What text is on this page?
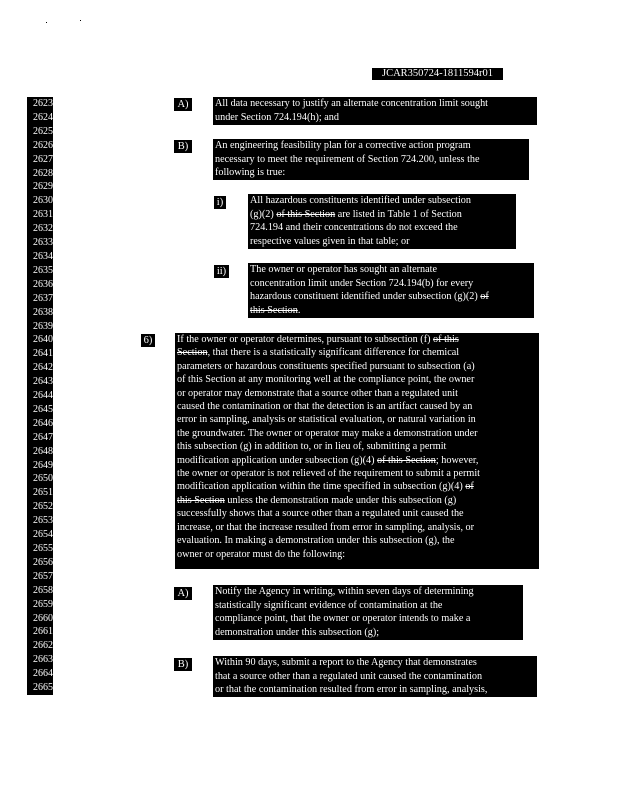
JCAR350724-1811594r01
2623
2624
2625
2626
2627
2628
2629
2630
2631
2632
2633
2634
2635
2636
2637
2638
2639
2640
2641
2642
2643
2644
2645
2646
2647
2648
2649
2650
2651
2652
2653
2654
2655
2656
2657
2658
2659
2660
2661
2662
2663
2664
2665
A)	All data necessary to justify an alternate concentration limit sought
under Section 724.194(h); and
B)	An engineering feasibility plan for a corrective action program
necessary to meet the requirement of Section 724.200, unless the
following is true:
i)	All hazardous constituents identified under subsection
(g)(2) of this Section are listed in Table 1 of Section
724.194 and their concentrations do not exceed the
respective values given in that table; or
ii) The owner or operator has sought an alternate
concentration limit under Section 724.194(b) for every
hazardous constituent identified under subsection (g)(2) of
this Section.
6) If the owner or operator determines, pursuant to subsection (f) of this
Section, that there is a statistically significant difference for chemical
parameters or hazardous constituents specified pursuant to subsection (a)
of this Section at any monitoring well at the compliance point, the owner
or operator may demonstrate that a source other than a regulated unit
caused the contamination or that the detection is an artifact caused by an
error in sampling, analysis or statistical evaluation, or natural variation in
the groundwater. The owner or operator may make a demonstration under
this subsection (g) in addition to, or in lieu of, submitting a permit
modification application under subsection (g)(4) of this Section; however,
the owner or operator is not relieved of the requirement to submit a permit
modification application within the time specified in subsection (g)(4) of
this Section unless the demonstration made under this subsection (g)
successfully shows that a source other than a regulated unit caused the
increase, or that the increase resulted from error in sampling, analysis, or
evaluation. In making a demonstration under this subsection (g), the
owner or operator must do the following:
A)	Notify the Agency in writing, within seven days of determining
statistically significant evidence of contamination at the
compliance point, that the owner or operator intends to make a
demonstration under this subsection (g);
B)	Within 90 days, submit a report to the Agency that demonstrates
that a source other than a regulated unit caused the contamination
or that the contamination resulted from error in sampling, analysis,
